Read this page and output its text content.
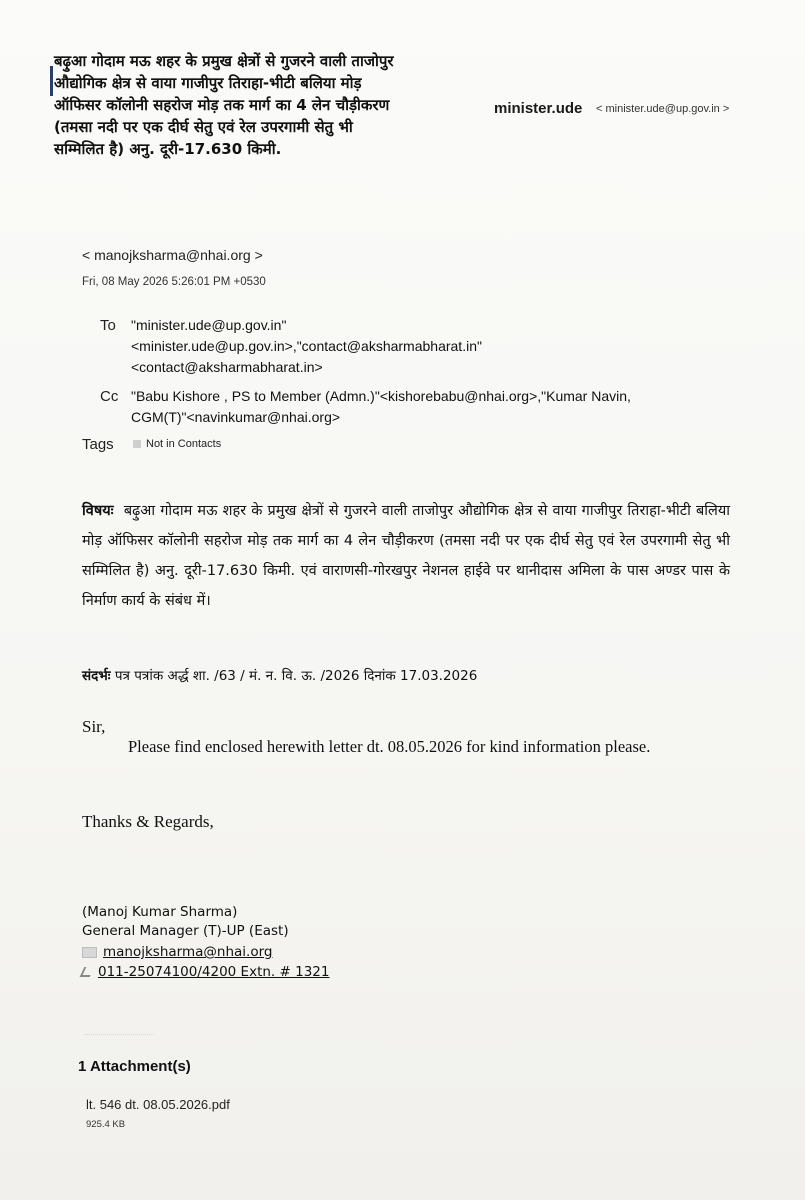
बढ़ुआ गोदाम मऊ शहर के प्रमुख क्षेत्रों से गुजरने वाली ताजोपुर
औद्योगिक क्षेत्र से वाया गाजीपुर तिराहा-भीटी बलिया मोड़
ऑफिसर कॉलोनी सहरोज मोड़ तक मार्ग का 4 लेन चौड़ीकरण
(तमसा नदी पर एक दीर्घ सेतु एवं रेल उपरगामी सेतु भी
सम्मिलित है) अनु. दूरी-17.630 किमी.
minister.ude < minister.ude@up.gov.in >
< manojksharma@nhai.org >
Fri, 08 May 2026 5:26:01 PM +0530
To "minister.ude@up.gov.in"
<minister.ude@up.gov.in>,"contact@aksharmabharat.in"
<contact@aksharmabharat.in>
Cc "Babu Kishore , PS to Member (Admn.)"<kishorebabu@nhai.org>,"Kumar Navin,
CGM(T)"<navinkumar@nhai.org>
Tags	Not in Contacts
विषयः बढ़ुआ गोदाम मऊ शहर के प्रमुख क्षेत्रों से गुजरने वाली ताजोपुर औद्योगिक क्षेत्र से वाया गाजीपुर तिराहा-भीटी बलिया मोड़ ऑफिसर कॉलोनी सहरोज मोड़ तक मार्ग का 4 लेन चौड़ीकरण (तमसा नदी पर एक दीर्घ सेतु एवं रेल उपरगामी सेतु भी सम्मिलित है) अनु. दूरी-17.630 किमी. एवं वाराणसी-गोरखपुर नेशनल हाईवे पर थानीदास अमिला के पास अण्डर पास के निर्माण कार्य के संबंध में।
संदर्भः पत्र पत्रांक अर्द्ध शा. /63 / मं. न. वि. ऊ. /2026 दिनांक 17.03.2026
Sir,
Please find enclosed herewith letter dt. 08.05.2026 for kind information please.
Thanks & Regards,
(Manoj Kumar Sharma)
General Manager (T)-UP (East)
manojksharma@nhai.org
011-25074100/4200 Extn. # 1321
1 Attachment(s)
lt. 546 dt. 08.05.2026.pdf
925.4 KB
